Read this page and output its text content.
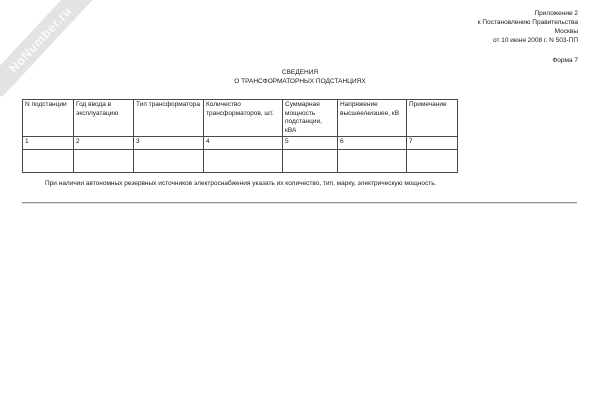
NoNumber.ru	Приложение 2
к Постановлению Правительства
Москвы
от 10 июня 2008 г. N 503-ПП
Форма 7
СВЕДЕНИЯ
О ТРАНСФОРМАТОРНЫХ ПОДСТАНЦИЯХ
N подстанции	Год ввода в эксплуатацию	Тип трансформатора	Количество трансформаторов, шт.	Суммарная мощность подстанции, кВА	Напряжение высшее/низшее, кВ	Примечание
1	2	3	4	5	6	7

При наличии автономных резервных источников электроснабжения указать их количество, тип, марку, электрическую мощность.
